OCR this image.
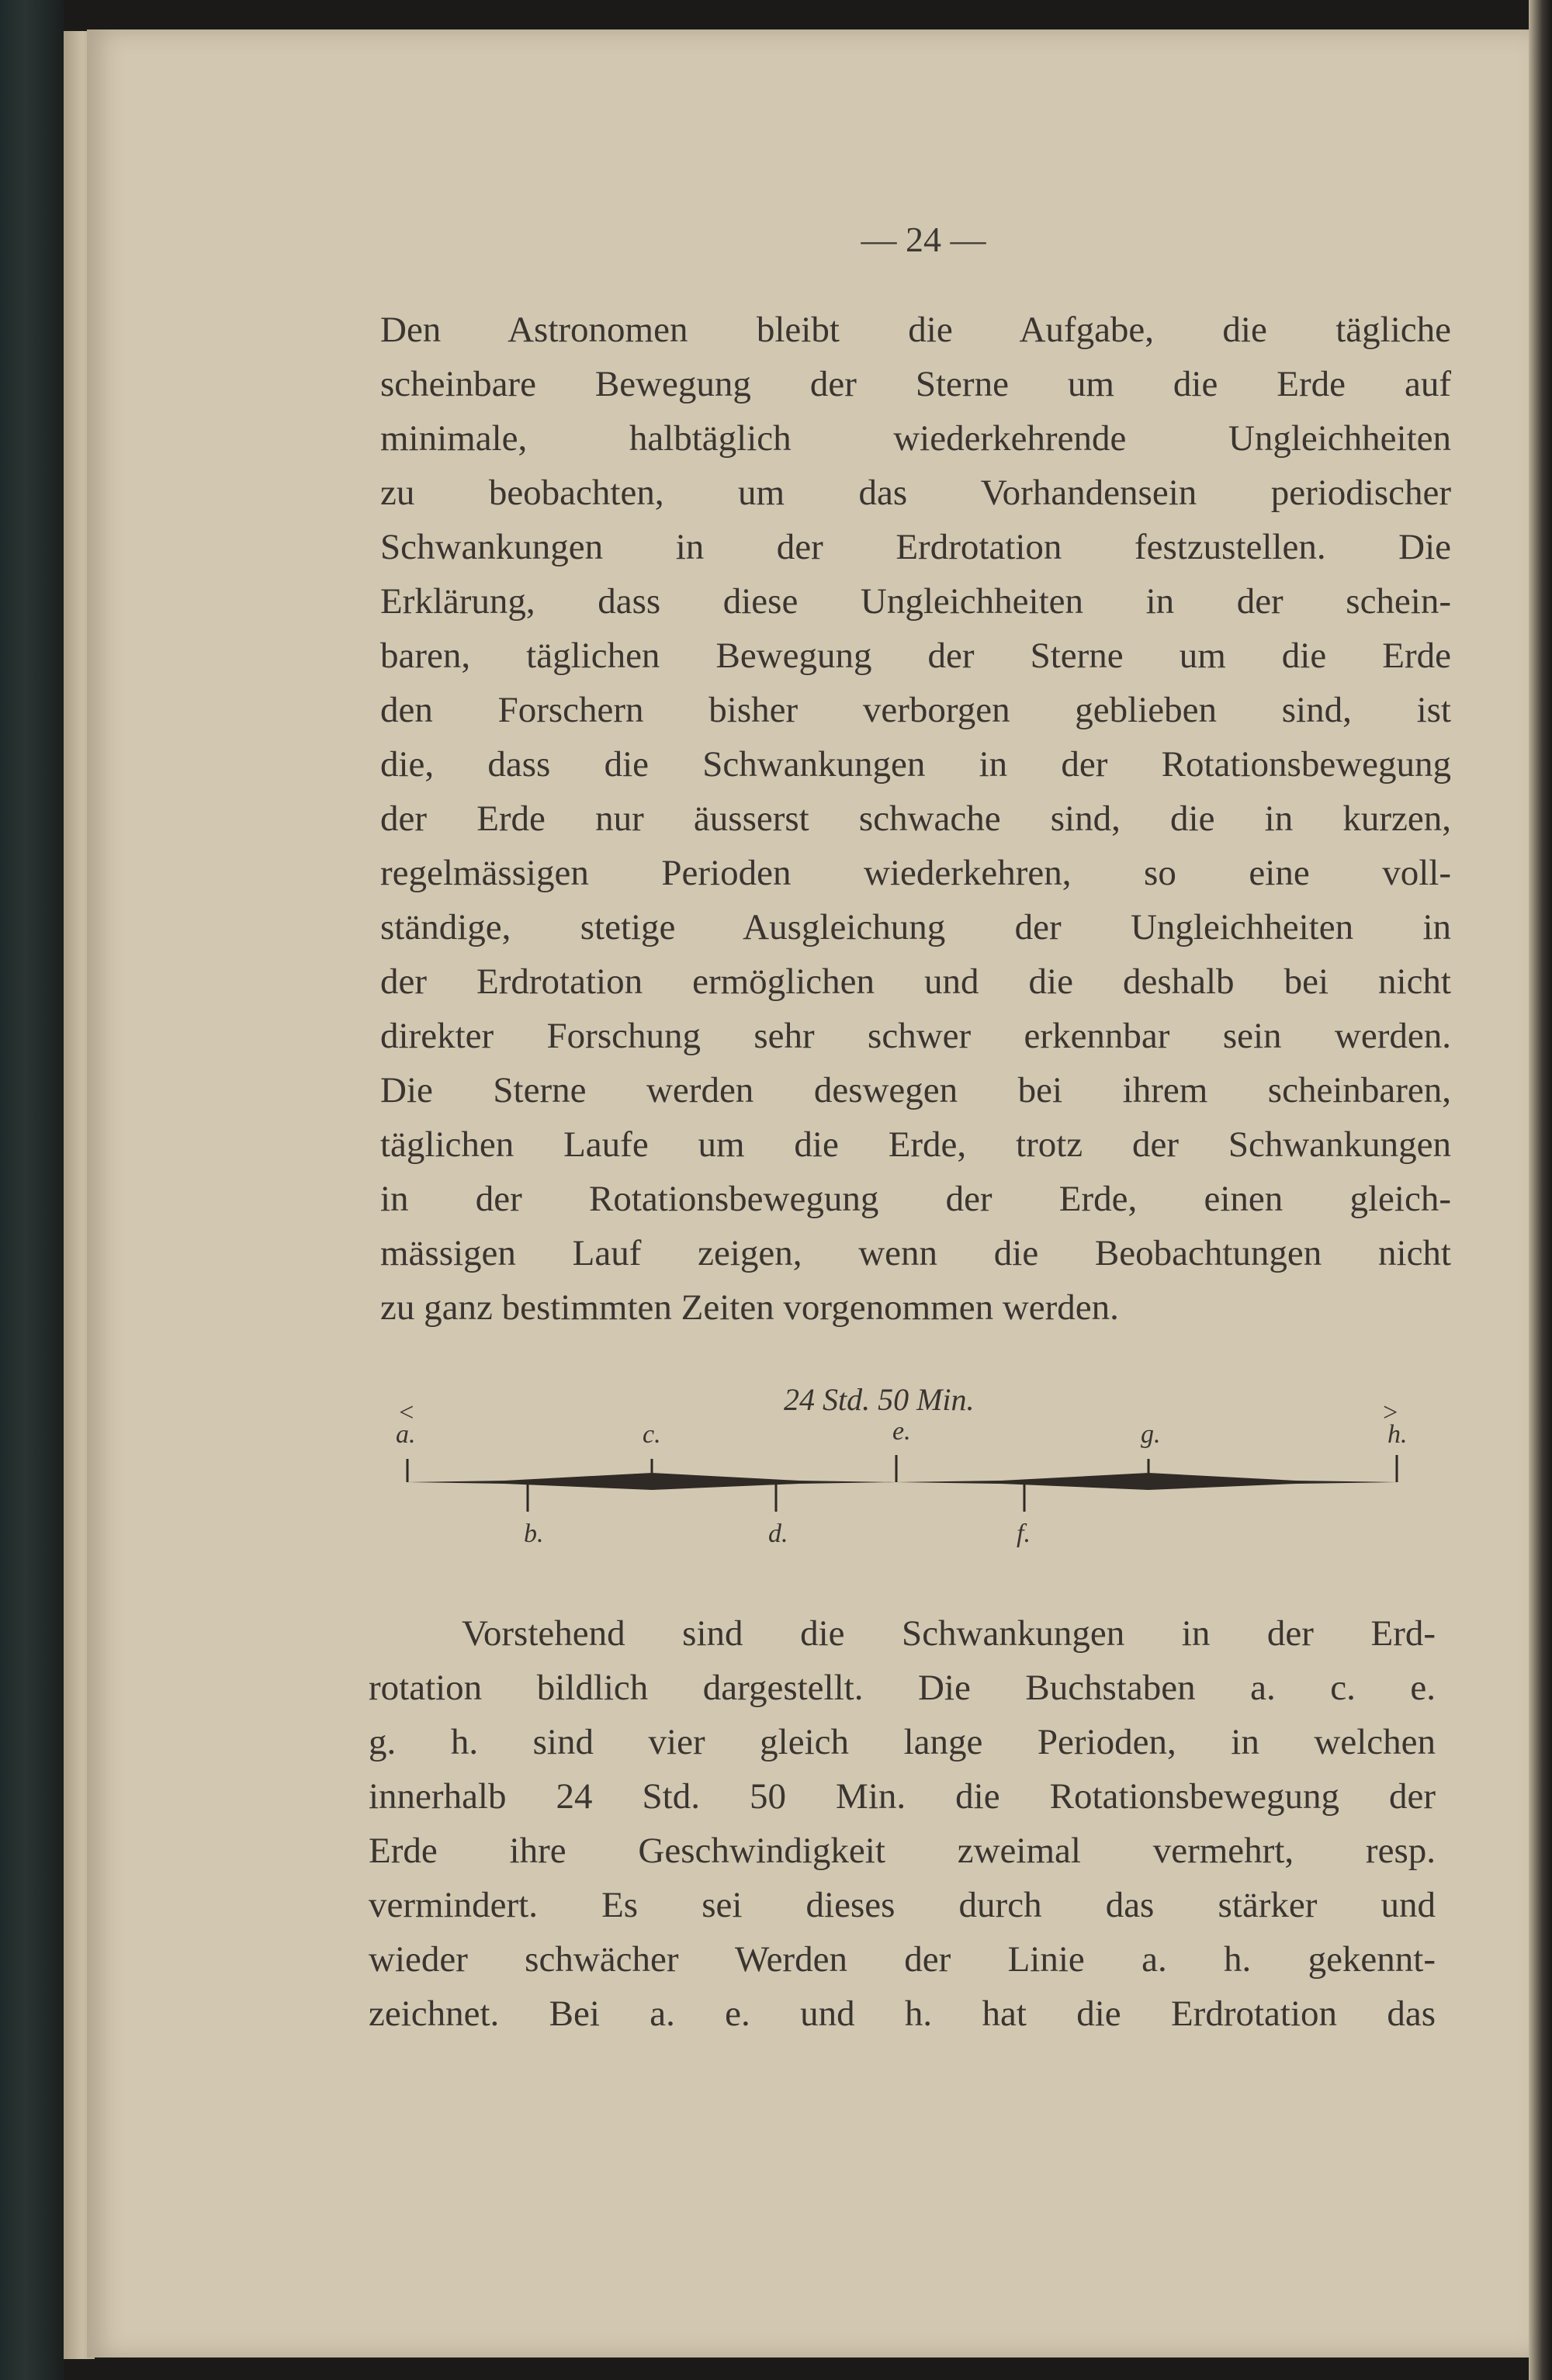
— 24 —
Den Astronomen bleibt die Aufgabe, die tägliche
scheinbare Bewegung der Sterne um die Erde auf
minimale, halbtäglich wiederkehrende Ungleichheiten
zu beobachten, um das Vorhandensein periodischer
Schwankungen in der Erdrotation festzustellen. Die
Erklärung, dass diese Ungleichheiten in der schein-
baren, täglichen Bewegung der Sterne um die Erde
den Forschern bisher verborgen geblieben sind, ist
die, dass die Schwankungen in der Rotationsbewegung
der Erde nur äusserst schwache sind, die in kurzen,
regelmässigen Perioden wiederkehren, so eine voll-
ständige, stetige Ausgleichung der Ungleichheiten in
der Erdrotation ermöglichen und die deshalb bei nicht
direkter Forschung sehr schwer erkennbar sein werden.
Die Sterne werden deswegen bei ihrem scheinbaren,
täglichen Laufe um die Erde, trotz der Schwankungen
in der Rotationsbewegung der Erde, einen gleich-
mässigen Lauf zeigen, wenn die Beobachtungen nicht
zu ganz bestimmten Zeiten vorgenommen werden.
24 Std. 50 Min.
<	>
a.	c.	e.	g.	h.
b.	d.	f.
Vorstehend sind die Schwankungen in der Erd-
rotation bildlich dargestellt. Die Buchstaben a. c. e.
g. h. sind vier gleich lange Perioden, in welchen
innerhalb 24 Std. 50 Min. die Rotationsbewegung der
Erde ihre Geschwindigkeit zweimal vermehrt, resp.
vermindert. Es sei dieses durch das stärker und
wieder schwächer Werden der Linie a. h. gekennt-
zeichnet. Bei a. e. und h. hat die Erdrotation das
